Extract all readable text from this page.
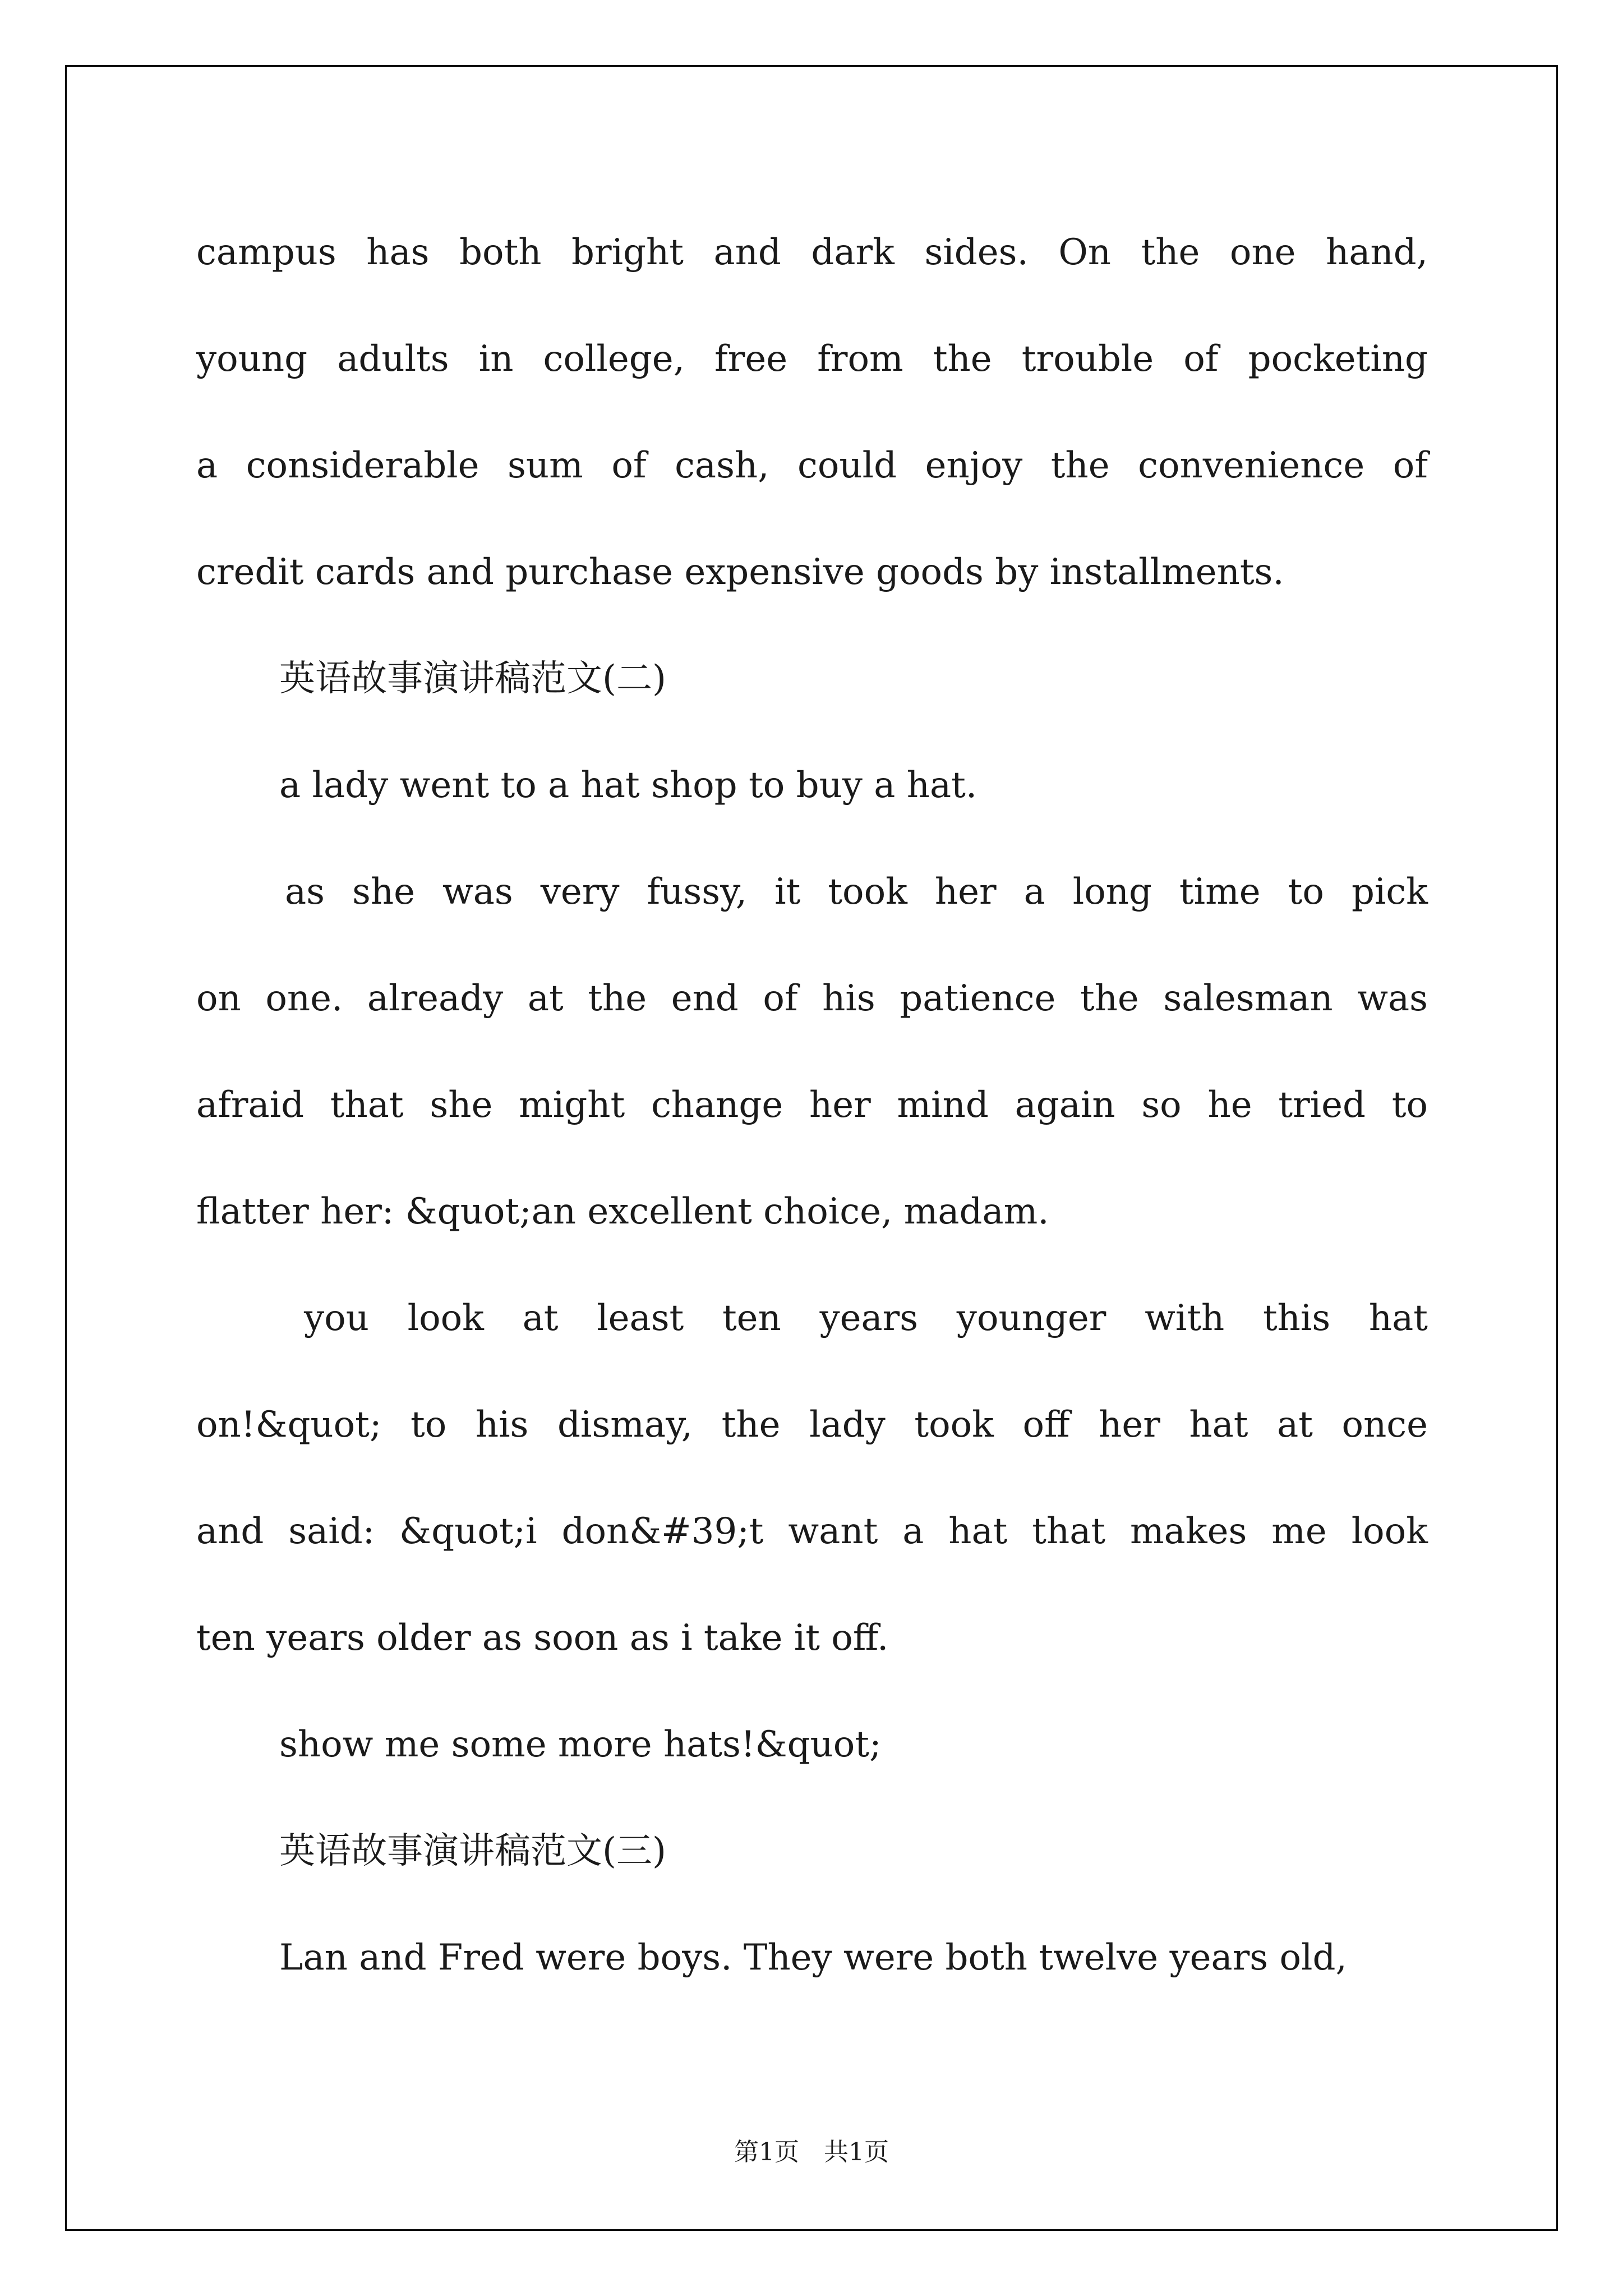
campus has both bright and dark sides. On the one hand,
young adults in college, free from the trouble of pocketing
a considerable sum of cash, could enjoy the convenience of
credit cards and purchase expensive goods by installments.
英语故事演讲稿范文(二)
a lady went to a hat shop to buy a hat.
as she was very fussy, it took her a long time to pick
on one. already at the end of his patience the salesman was
afraid that she might change her mind again so he tried to
flatter her: &quot;an excellent choice, madam.
you look at least ten years younger with this hat
on!&quot; to his dismay, the lady took off her hat at once
and said: &quot;i don&#39;t want a hat that makes me look
ten years older as soon as i take it off.
show me some more hats!&quot;
英语故事演讲稿范文(三)
Lan and Fred were boys. They were both twelve years old,
第1页 共1页
